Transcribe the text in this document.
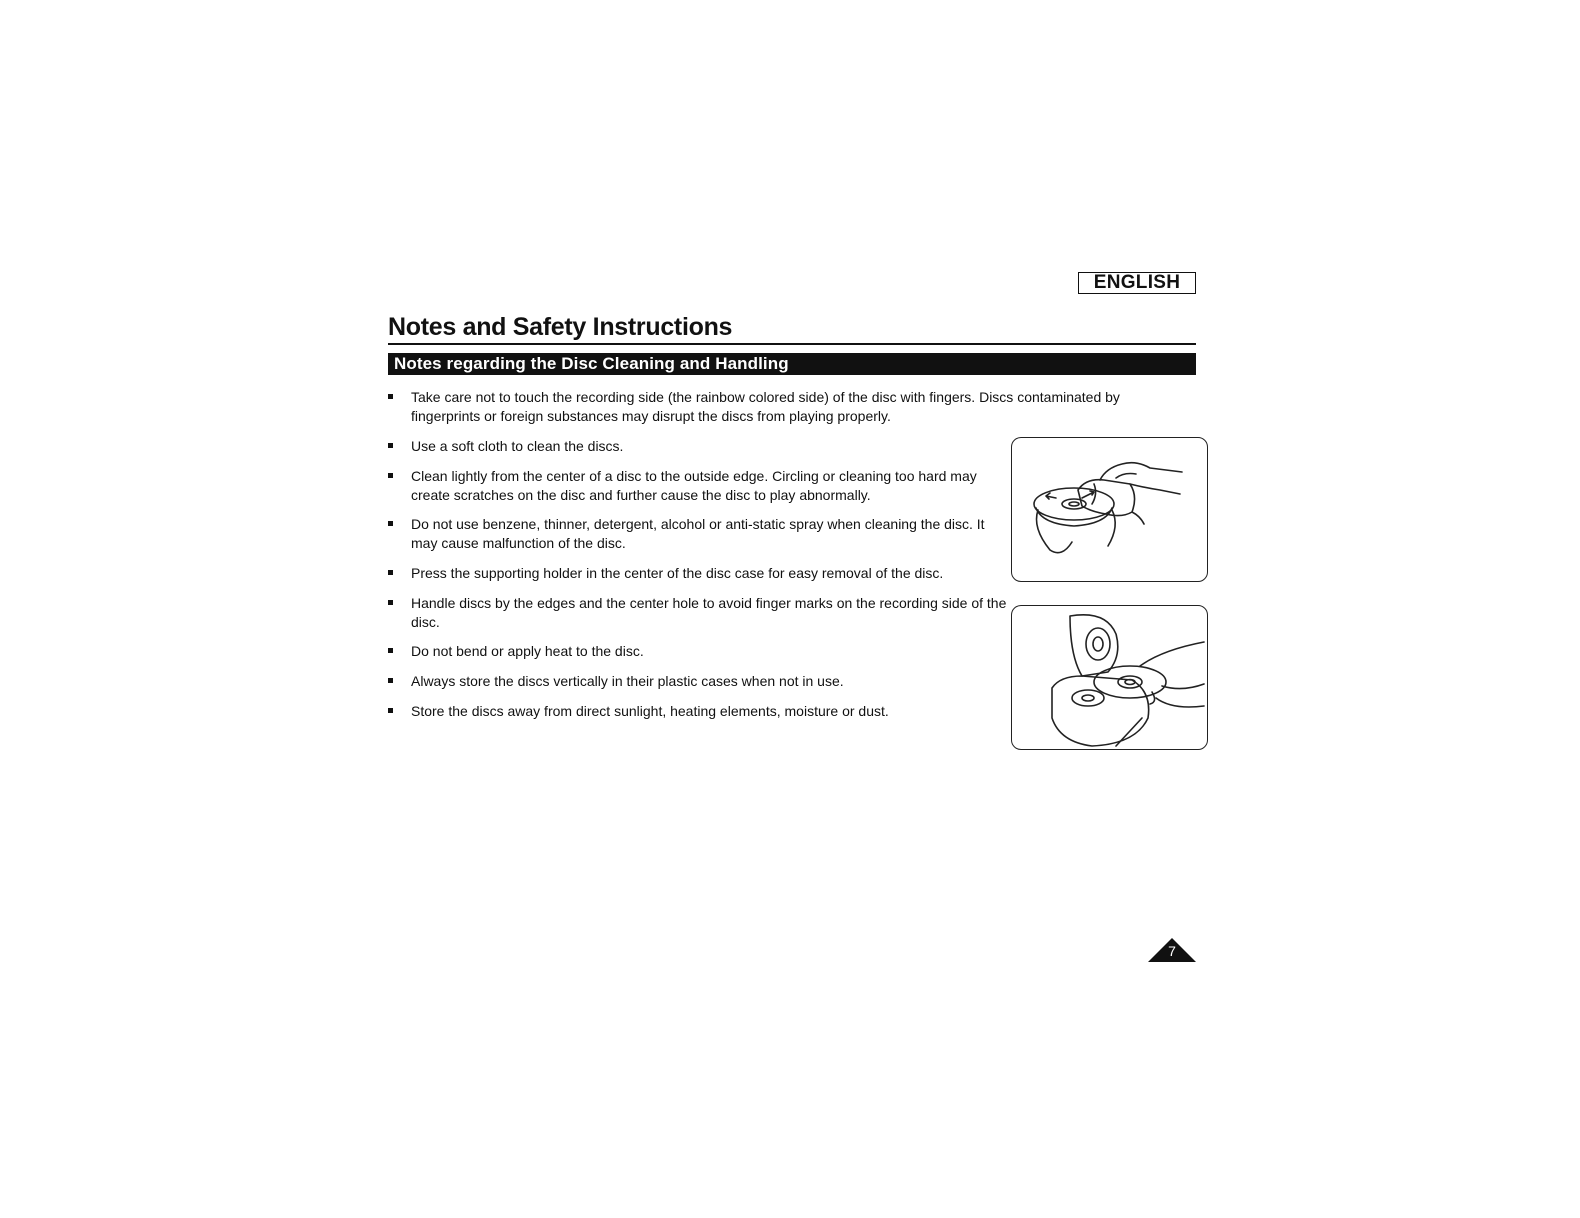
ENGLISH
Notes and Safety Instructions
Notes regarding the Disc Cleaning and Handling
Take care not to touch the recording side (the rainbow colored side) of the disc with fingers. Discs contaminated by fingerprints or foreign substances may disrupt the discs from playing properly.
Use a soft cloth to clean the discs.
Clean lightly from the center of a disc to the outside edge. Circling or cleaning too hard may create scratches on the disc and further cause the disc to play abnormally.
Do not use benzene, thinner, detergent, alcohol or anti-static spray when cleaning the disc. It may cause malfunction of the disc.
Press the supporting holder in the center of the disc case for easy removal of the disc.
Handle discs by the edges and the center hole to avoid finger marks on the recording side of the disc.
Do not bend or apply heat to the disc.
Always store the discs vertically in their plastic cases when not in use.
Store the discs away from direct sunlight, heating elements, moisture or dust.
7
